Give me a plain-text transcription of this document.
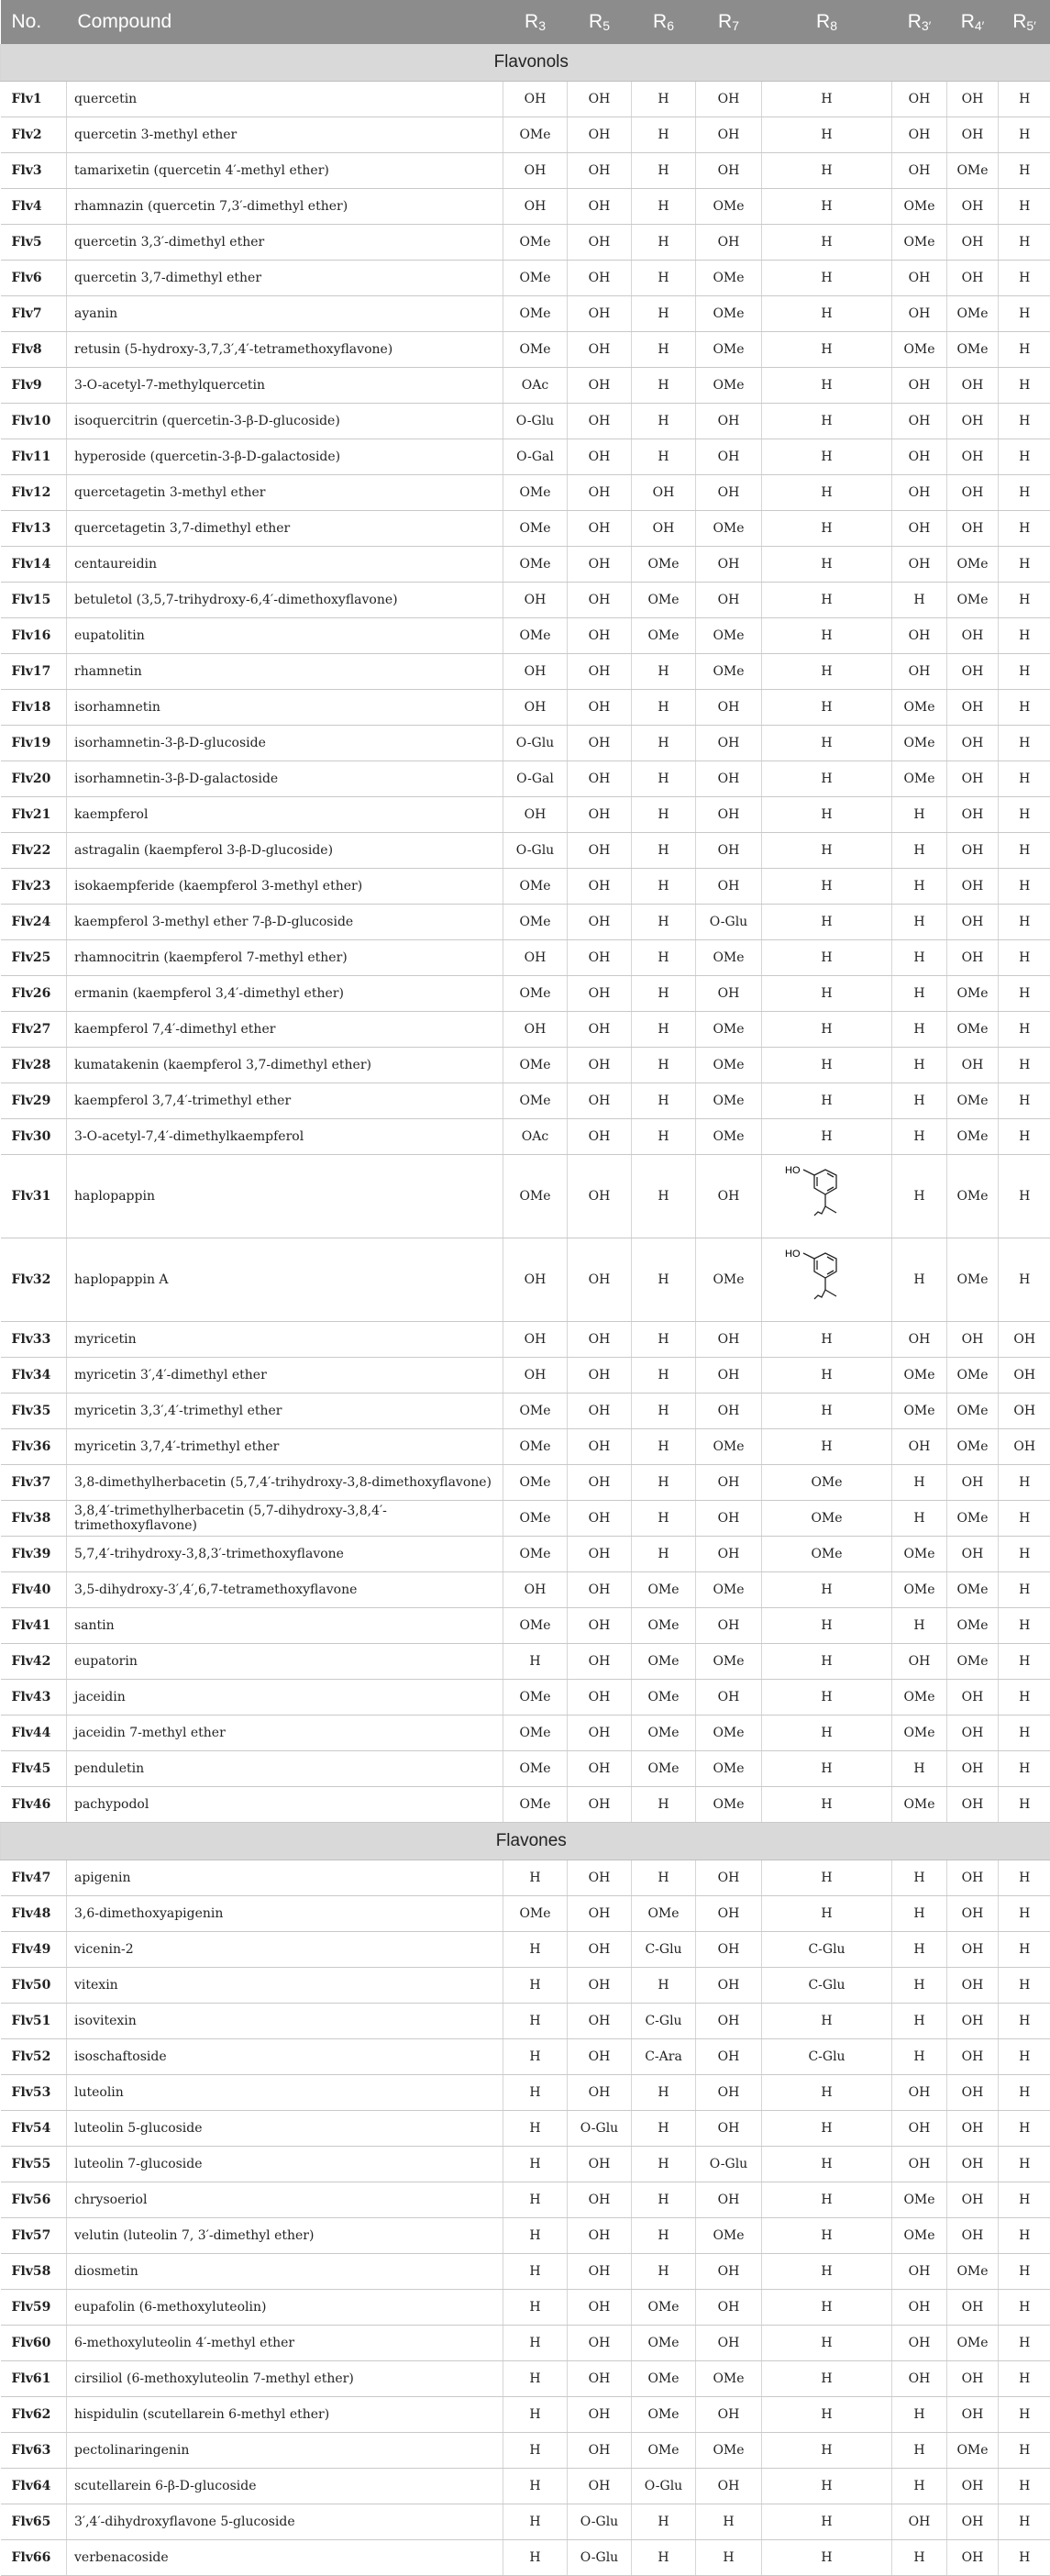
No.	Compound	$R_3$	$R_5$	$R_6$	$R_7$	$R_8$	$R_{3'}$	$R_{4'}$	$R_{5'}$
Flavonols									
Flv1	quercetin	OH	OH	H	OH	H	OH	OH	H
Flv2	quercetin 3-methyl ether	OMe	OH	H	OH	H	OH	OH	H
Flv3	tamarixetin (quercetin 4′-methyl ether)	OH	OH	H	OH	H	OH	OMe	H
Flv4	rhamnazin (quercetin 7,3′-dimethyl ether)	OH	OH	H	OMe	H	OMe	OH	H
Flv5	quercetin 3,3′-dimethyl ether	OMe	OH	H	OH	H	OMe	OH	H
Flv6	quercetin 3,7-dimethyl ether	OMe	OH	H	OMe	H	OH	OH	H
Flv7	ayanin	OMe	OH	H	OMe	H	OH	OMe	H
Flv8	retusin (5-hydroxy-3,7,3′,4′-tetramethoxyflavone)	OMe	OH	H	OMe	H	OMe	OMe	H
Flv9	3-O-acetyl-7-methylquercetin	OAc	OH	H	OMe	H	OH	OH	H
Flv10	isoquercitrin (quercetin-3-β-D-glucoside)	O-Glu	OH	H	OH	H	OH	OH	H
Flv11	hyperoside (quercetin-3-β-D-galactoside)	O-Gal	OH	H	OH	H	OH	OH	H
Flv12	quercetagetin 3-methyl ether	OMe	OH	OH	OH	H	OH	OH	H
Flv13	quercetagetin 3,7-dimethyl ether	OMe	OH	OH	OMe	H	OH	OH	H
Flv14	centaureidin	OMe	OH	OMe	OH	H	OH	OMe	H
Flv15	betuletol (3,5,7-trihydroxy-6,4′-dimethoxyflavone)	OH	OH	OMe	OH	H	H	OMe	H
Flv16	eupatolitin	OMe	OH	OMe	OMe	H	OH	OH	H
Flv17	rhamnetin	OH	OH	H	OMe	H	OH	OH	H
Flv18	isorhamnetin	OH	OH	H	OH	H	OMe	OH	H
Flv19	isorhamnetin-3-β-D-glucoside	O-Glu	OH	H	OH	H	OMe	OH	H
Flv20	isorhamnetin-3-β-D-galactoside	O-Gal	OH	H	OH	H	OMe	OH	H
Flv21	kaempferol	OH	OH	H	OH	H	H	OH	H
Flv22	astragalin (kaempferol 3-β-D-glucoside)	O-Glu	OH	H	OH	H	H	OH	H
Flv23	isokaempferide (kaempferol 3-methyl ether)	OMe	OH	H	OH	H	H	OH	H
Flv24	kaempferol 3-methyl ether 7-β-D-glucoside	OMe	OH	H	O-Glu	H	H	OH	H
Flv25	rhamnocitrin (kaempferol 7-methyl ether)	OH	OH	H	OMe	H	H	OH	H
Flv26	ermanin (kaempferol 3,4′-dimethyl ether)	OMe	OH	H	OH	H	H	OMe	H
Flv27	kaempferol 7,4′-dimethyl ether	OH	OH	H	OMe	H	H	OMe	H
Flv28	kumatakenin (kaempferol 3,7-dimethyl ether)	OMe	OH	H	OMe	H	H	OH	H
Flv29	kaempferol 3,7,4′-trimethyl ether	OMe	OH	H	OMe	H	H	OMe	H
Flv30	3-O-acetyl-7,4′-dimethylkaempferol	OAc	OH	H	OMe	H	H	OMe	H
Flv31	haplopappin	OMe	OH	H	OH	HO	H	OMe	H
Flv32	haplopappin A	OH	OH	H	OMe	HO	H	OMe	H
Flv33	myricetin	OH	OH	H	OH	H	OH	OH	OH
Flv34	myricetin 3′,4′-dimethyl ether	OH	OH	H	OH	H	OMe	OMe	OH
Flv35	myricetin 3,3′,4′-trimethyl ether	OMe	OH	H	OH	H	OMe	OMe	OH
Flv36	myricetin 3,7,4′-trimethyl ether	OMe	OH	H	OMe	H	OH	OMe	OH
Flv37	3,8-dimethylherbacetin (5,7,4′-trihydroxy-3,8-dimethoxyflavone)	OMe	OH	H	OH	OMe	H	OH	H
Flv38	3,8,4′-trimethylherbacetin (5,7-dihydroxy-3,8,4′-trimethoxyflavone)	OMe	OH	H	OH	OMe	H	OMe	H
Flv39	5,7,4′-trihydroxy-3,8,3′-trimethoxyflavone	OMe	OH	H	OH	OMe	OMe	OH	H
Flv40	3,5-dihydroxy-3′,4′,6,7-tetramethoxyflavone	OH	OH	OMe	OMe	H	OMe	OMe	H
Flv41	santin	OMe	OH	OMe	OH	H	H	OMe	H
Flv42	eupatorin	H	OH	OMe	OMe	H	OH	OMe	H
Flv43	jaceidin	OMe	OH	OMe	OH	H	OMe	OH	H
Flv44	jaceidin 7-methyl ether	OMe	OH	OMe	OMe	H	OMe	OH	H
Flv45	penduletin	OMe	OH	OMe	OMe	H	H	OH	H
Flv46	pachypodol	OMe	OH	H	OMe	H	OMe	OH	H
Flavones									
Flv47	apigenin	H	OH	H	OH	H	H	OH	H
Flv48	3,6-dimethoxyapigenin	OMe	OH	OMe	OH	H	H	OH	H
Flv49	vicenin-2	H	OH	C-Glu	OH	C-Glu	H	OH	H
Flv50	vitexin	H	OH	H	OH	C-Glu	H	OH	H
Flv51	isovitexin	H	OH	C-Glu	OH	H	H	OH	H
Flv52	isoschaftoside	H	OH	C-Ara	OH	C-Glu	H	OH	H
Flv53	luteolin	H	OH	H	OH	H	OH	OH	H
Flv54	luteolin 5-glucoside	H	O-Glu	H	OH	H	OH	OH	H
Flv55	luteolin 7-glucoside	H	OH	H	O-Glu	H	OH	OH	H
Flv56	chrysoeriol	H	OH	H	OH	H	OMe	OH	H
Flv57	velutin (luteolin 7, 3′-dimethyl ether)	H	OH	H	OMe	H	OMe	OH	H
Flv58	diosmetin	H	OH	H	OH	H	OH	OMe	H
Flv59	eupafolin (6-methoxyluteolin)	H	OH	OMe	OH	H	OH	OH	H
Flv60	6-methoxyluteolin 4′-methyl ether	H	OH	OMe	OH	H	OH	OMe	H
Flv61	cirsiliol (6-methoxyluteolin 7-methyl ether)	H	OH	OMe	OMe	H	OH	OH	H
Flv62	hispidulin (scutellarein 6-methyl ether)	H	OH	OMe	OH	H	H	OH	H
Flv63	pectolinaringenin	H	OH	OMe	OMe	H	H	OMe	H
Flv64	scutellarein 6-β-D-glucoside	H	OH	O-Glu	OH	H	H	OH	H
Flv65	3′,4′-dihydroxyflavone 5-glucoside	H	O-Glu	H	H	H	OH	OH	H
Flv66	verbenacoside	H	O-Glu	H	H	H	H	OH	H
